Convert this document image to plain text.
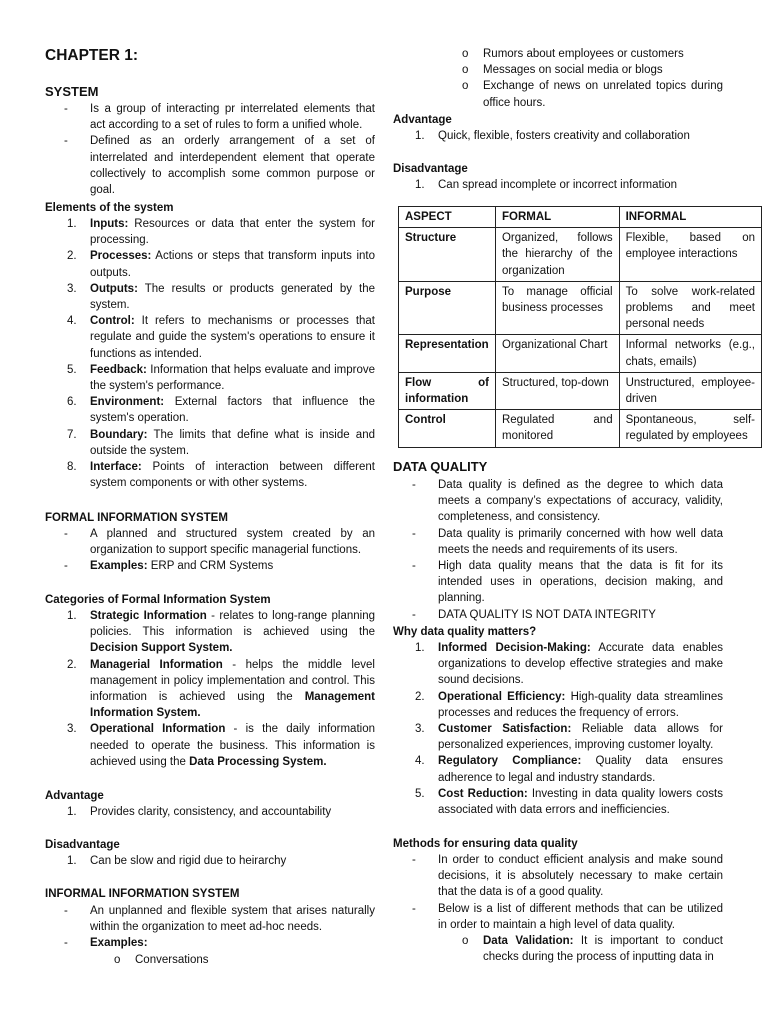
CHAPTER 1:
SYSTEM
- Is a group of interacting pr interrelated elements that act according to a set of rules to form a unified whole.
- Defined as an orderly arrangement of a set of interrelated and interdependent element that operate collectively to accomplish some common purpose or goal.
Elements of the system
1. Inputs: Resources or data that enter the system for processing.
2. Processes: Actions or steps that transform inputs into outputs.
3. Outputs: The results or products generated by the system.
4. Control: It refers to mechanisms or processes that regulate and guide the system's operations to ensure it functions as intended.
5. Feedback: Information that helps evaluate and improve the system's performance.
6. Environment: External factors that influence the system's operation.
7. Boundary: The limits that define what is inside and outside the system.
8. Interface: Points of interaction between different system components or with other systems.
FORMAL INFORMATION SYSTEM
- A planned and structured system created by an organization to support specific managerial functions.
- Examples: ERP and CRM Systems
Categories of Formal Information System
1. Strategic Information - relates to long-range planning policies. This information is achieved using the Decision Support System.
2. Managerial Information - helps the middle level management in policy implementation and control. This information is achieved using the Management Information System.
3. Operational Information - is the daily information needed to operate the business. This information is achieved using the Data Processing System.
Advantage
1. Provides clarity, consistency, and accountability
Disadvantage
1. Can be slow and rigid due to heirarchy
INFORMAL INFORMATION SYSTEM
- An unplanned and flexible system that arises naturally within the organization to meet ad-hoc needs.
- Examples:
o Conversations
o Rumors about employees or customers
o Messages on social media or blogs
o Exchange of news on unrelated topics during office hours.
Advantage
1. Quick, flexible, fosters creativity and collaboration
Disadvantage
1. Can spread incomplete or incorrect information
ASPECT	FORMAL	INFORMAL
Structure	Organized, follows the hierarchy of the organization	Flexible, based on employee interactions
Purpose	To manage official business processes	To solve work-related problems and meet personal needs
Representation	Organizational Chart	Informal networks (e.g., chats, emails)
Flow of information	Structured, top-down	Unstructured, employee-driven
Control	Regulated and monitored	Spontaneous, self-regulated by employees
DATA QUALITY
- Data quality is defined as the degree to which data meets a company’s expectations of accuracy, validity, completeness, and consistency.
- Data quality is primarily concerned with how well data meets the needs and requirements of its users.
- High data quality means that the data is fit for its intended uses in operations, decision making, and planning.
- DATA QUALITY IS NOT DATA INTEGRITY
Why data quality matters?
1. Informed Decision-Making: Accurate data enables organizations to develop effective strategies and make sound decisions.
2. Operational Efficiency: High-quality data streamlines processes and reduces the frequency of errors.
3. Customer Satisfaction: Reliable data allows for personalized experiences, improving customer loyalty.
4. Regulatory Compliance: Quality data ensures adherence to legal and industry standards.
5. Cost Reduction: Investing in data quality lowers costs associated with data errors and inefficiencies.
Methods for ensuring data quality
- In order to conduct efficient analysis and make sound decisions, it is absolutely necessary to make certain that the data is of a good quality.
- Below is a list of different methods that can be utilized in order to maintain a high level of data quality.
o Data Validation: It is important to conduct checks during the process of inputting data in
